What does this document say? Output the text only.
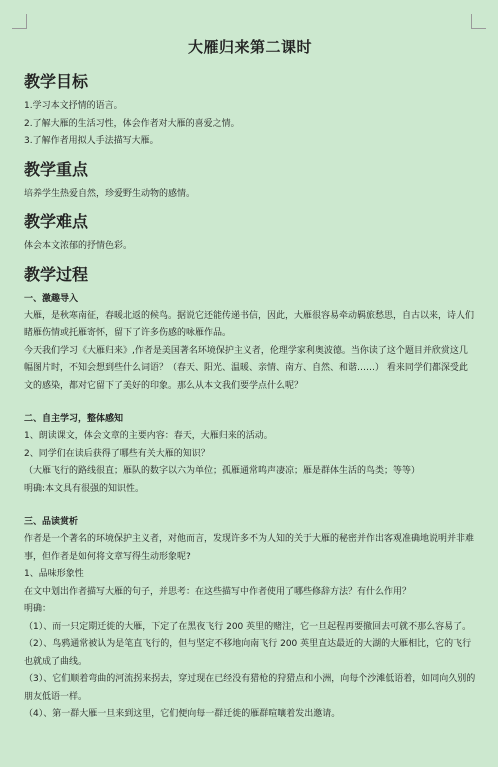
大雁归来第二课时
教学目标

1.学习本文抒情的语言。

2.了解大雁的生活习性，体会作者对大雁的喜爱之情。

3.了解作者用拟人手法描写大雁。

教学重点

培养学生热爱自然，珍爱野生动物的感情。

教学难点

体会本文浓郁的抒情色彩。

教学过程
一、激趣导入

大雁，是秋寒南征，春暖北返的候鸟。据说它还能传递书信，因此，大雁很容易牵动羁旅愁思，自古以来，诗人们睹雁伤情或托雁寄怀，留下了许多伤感的咏雁作品。

今天我们学习《大雁归来》,作者是美国著名环境保护主义者，伦理学家利奥波德。当你读了这个题目并欣赏这几幅图片时，不知会想到些什么词语？（春天、阳光、温暖、亲情、南方、自然、和谐……） 看来同学们都深受此文的感染，都对它留下了美好的印象。那么从本文我们要学点什么呢？

二、自主学习，整体感知

1、朗读课文，体会文章的主要内容：春天，大雁归来的活动。

2、同学们在读后获得了哪些有关大雁的知识？

（大雁飞行的路线很直；雁队的数字以六为单位；孤雁通常鸣声凄凉；雁是群体生活的鸟类；等等）

明确:本文具有很强的知识性。

三、品读赏析

作者是一个著名的环境保护主义者，对他而言，发现许多不为人知的关于大雁的秘密并作出客观准确地说明并非难事，但作者是如何将文章写得生动形象呢?

1、品味形象性

在文中划出作者描写大雁的句子，并思考：在这些描写中作者使用了哪些修辞方法？有什么作用？

明确：

（1）、而一只定期迁徙的大雁，下定了在黑夜飞行 200 英里的赌注，它一旦起程再要撤回去可就不那么容易了。

（2）、鸟鸦通常被认为是笔直飞行的，但与坚定不移地向南飞行 200 英里直达最近的大湖的大雁相比，它的飞行也就成了曲线。

（3）、它们顺着弯曲的河流拐来拐去，穿过现在已经没有猎枪的狩猎点和小洲，向每个沙滩低语着，如同向久别的朋友低语一样。

（4）、第一群大雁一旦来到这里，它们便向每一群迁徙的雁群喧嚷着发出邀请。
